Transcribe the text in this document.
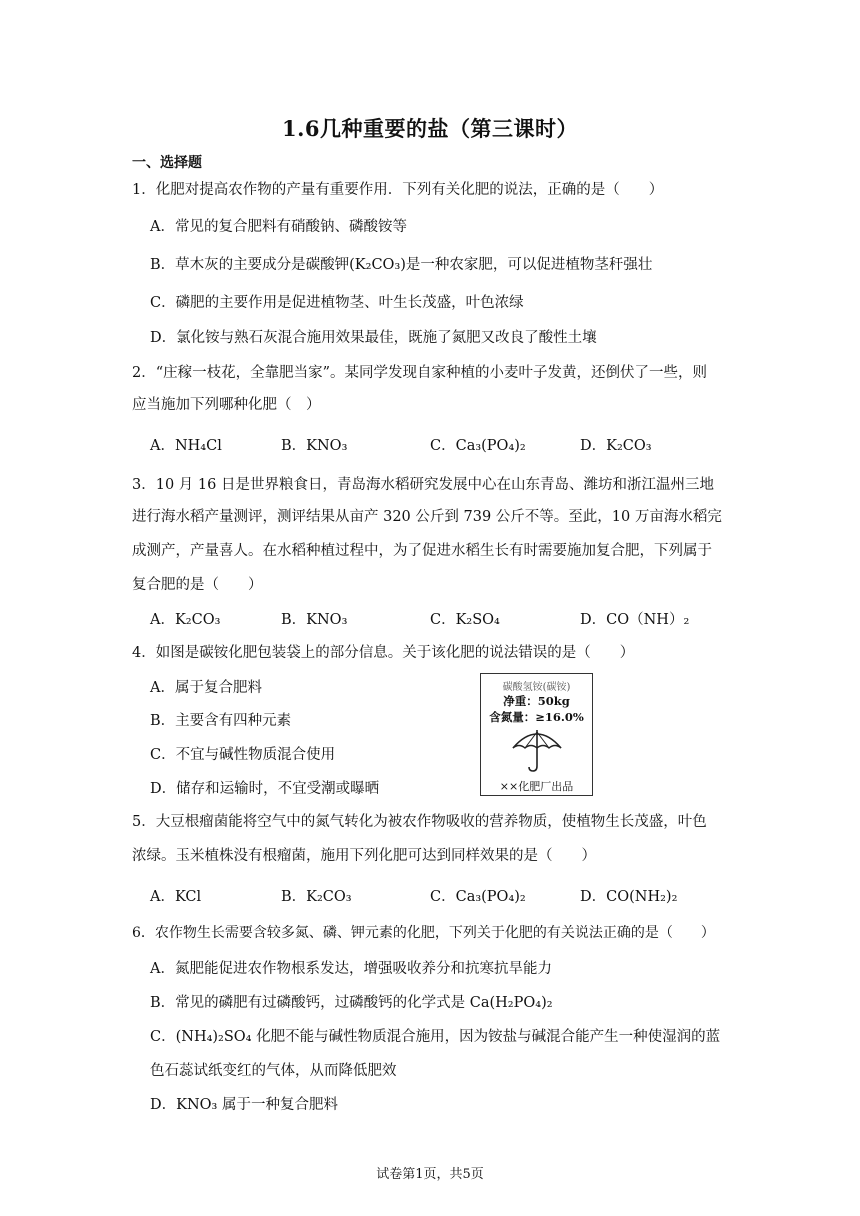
1.6几种重要的盐（第三课时）
一、选择题
1．化肥对提高农作物的产量有重要作用．下列有关化肥的说法，正确的是（　　）
A．常见的复合肥料有硝酸钠、磷酸铵等
B．草木灰的主要成分是碳酸钾(K₂CO₃)是一种农家肥，可以促进植物茎秆强壮
C．磷肥的主要作用是促进植物茎、叶生长茂盛，叶色浓绿
D．氯化铵与熟石灰混合施用效果最佳，既施了氮肥又改良了酸性土壤
2．“庄稼一枝花，全靠肥当家”。某同学发现自家种植的小麦叶子发黄，还倒伏了一些，则
应当施加下列哪种化肥（　）
A．NH₄Cl	B．KNO₃	C．Ca₃(PO₄)₂	D．K₂CO₃
3．10 月 16 日是世界粮食日，青岛海水稻研究发展中心在山东青岛、潍坊和浙江温州三地
进行海水稻产量测评，测评结果从亩产 320 公斤到 739 公斤不等。至此，10 万亩海水稻完
成测产，产量喜人。在水稻种植过程中，为了促进水稻生长有时需要施加复合肥，下列属于
复合肥的是（　　）
A．K₂CO₃	B．KNO₃	C．K₂SO₄	D．CO（NH）₂
4．如图是碳铵化肥包装袋上的部分信息。关于该化肥的说法错误的是（　　）
A．属于复合肥料
B．主要含有四种元素
C．不宜与碱性物质混合使用
D．储存和运输时，不宜受潮或曝晒
碳酸氢铵(碳铵)
净重：50kg
含氮量：≥16.0%
××化肥厂出品
5．大豆根瘤菌能将空气中的氮气转化为被农作物吸收的营养物质，使植物生长茂盛，叶色
浓绿。玉米植株没有根瘤菌，施用下列化肥可达到同样效果的是（　　）
A．KCl	B．K₂CO₃	C．Ca₃(PO₄)₂	D．CO(NH₂)₂
6．农作物生长需要含较多氮、磷、钾元素的化肥，下列关于化肥的有关说法正确的是（　　）
A．氮肥能促进农作物根系发达，增强吸收养分和抗寒抗旱能力
B．常见的磷肥有过磷酸钙，过磷酸钙的化学式是 Ca(H₂PO₄)₂
C．(NH₄)₂SO₄ 化肥不能与碱性物质混合施用，因为铵盐与碱混合能产生一种使湿润的蓝
色石蕊试纸变红的气体，从而降低肥效
D．KNO₃ 属于一种复合肥料
试卷第1页，共5页
